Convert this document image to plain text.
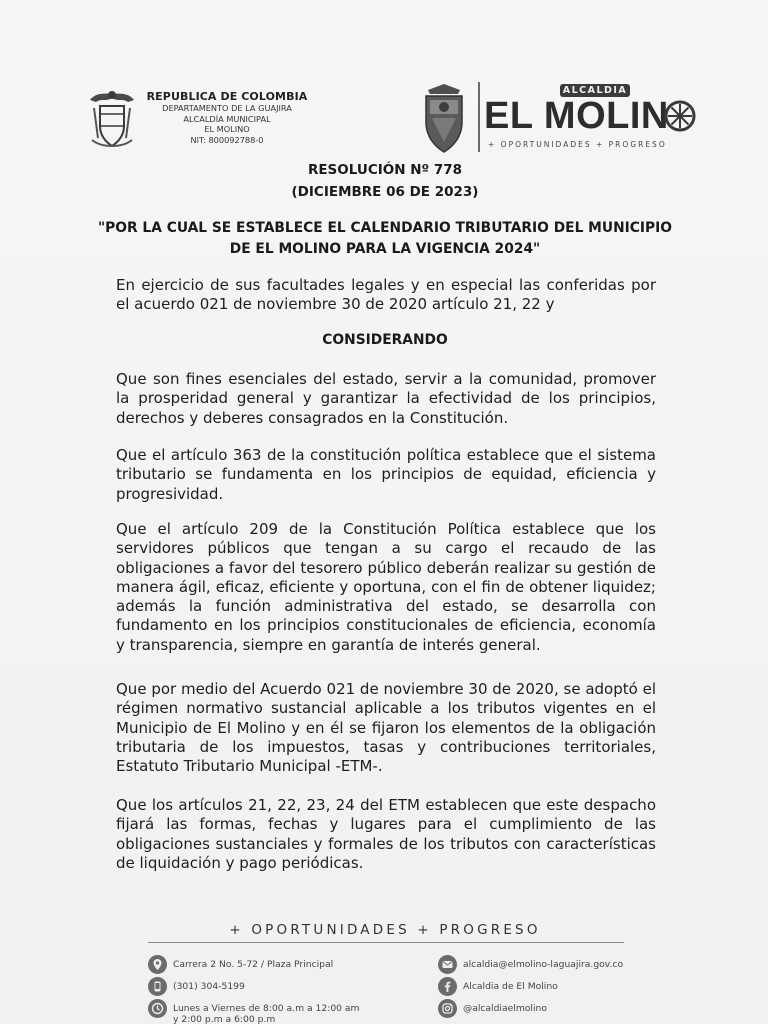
REPUBLICA DE COLOMBIA
DEPARTAMENTO DE LA GUAJIRA
ALCALDÍA MUNICIPAL
EL MOLINO
NIT: 800092788-0
ALCALDIA
EL MOLIN
+ OPORTUNIDADES + PROGRESO
RESOLUCIÓN Nº 778
(DICIEMBRE 06 DE 2023)
"POR LA CUAL SE ESTABLECE EL CALENDARIO TRIBUTARIO DEL MUNICIPIO DE EL MOLINO PARA LA VIGENCIA 2024"
En ejercicio de sus facultades legales y en especial las conferidas por el acuerdo 021 de noviembre 30 de 2020 artículo 21, 22 y
CONSIDERANDO
Que son fines esenciales del estado, servir a la comunidad, promover la prosperidad general y garantizar la efectividad de los principios, derechos y deberes consagrados en la Constitución.
Que el artículo 363 de la constitución política establece que el sistema tributario se fundamenta en los principios de equidad, eficiencia y progresividad.
Que el artículo 209 de la Constitución Política establece que los servidores públicos que tengan a su cargo el recaudo de las obligaciones a favor del tesorero público deberán realizar su gestión de manera ágil, eficaz, eficiente y oportuna, con el fin de obtener liquidez; además la función administrativa del estado, se desarrolla con fundamento en los principios constitucionales de eficiencia, economía y transparencia, siempre en garantía de interés general.
Que por medio del Acuerdo 021 de noviembre 30 de 2020, se adoptó el régimen normativo sustancial aplicable a los tributos vigentes en el Municipio de El Molino y en él se fijaron los elementos de la obligación tributaria de los impuestos, tasas y contribuciones territoriales, Estatuto Tributario Municipal -ETM-.
Que los artículos 21, 22, 23, 24 del ETM establecen que este despacho fijará las formas, fechas y lugares para el cumplimiento de las obligaciones sustanciales y formales de los tributos con características de liquidación y pago periódicas.
+ OPORTUNIDADES + PROGRESO
Carrera 2 No. 5-72 / Plaza Principal
(301) 304-5199
Lunes a Viernes de 8:00 a.m a 12:00 am
y 2:00 p.m a 6:00 p.m
alcaldia@elmolino-laguajira.gov.co
Alcaldia de El Molino
@alcaldiaelmolino
